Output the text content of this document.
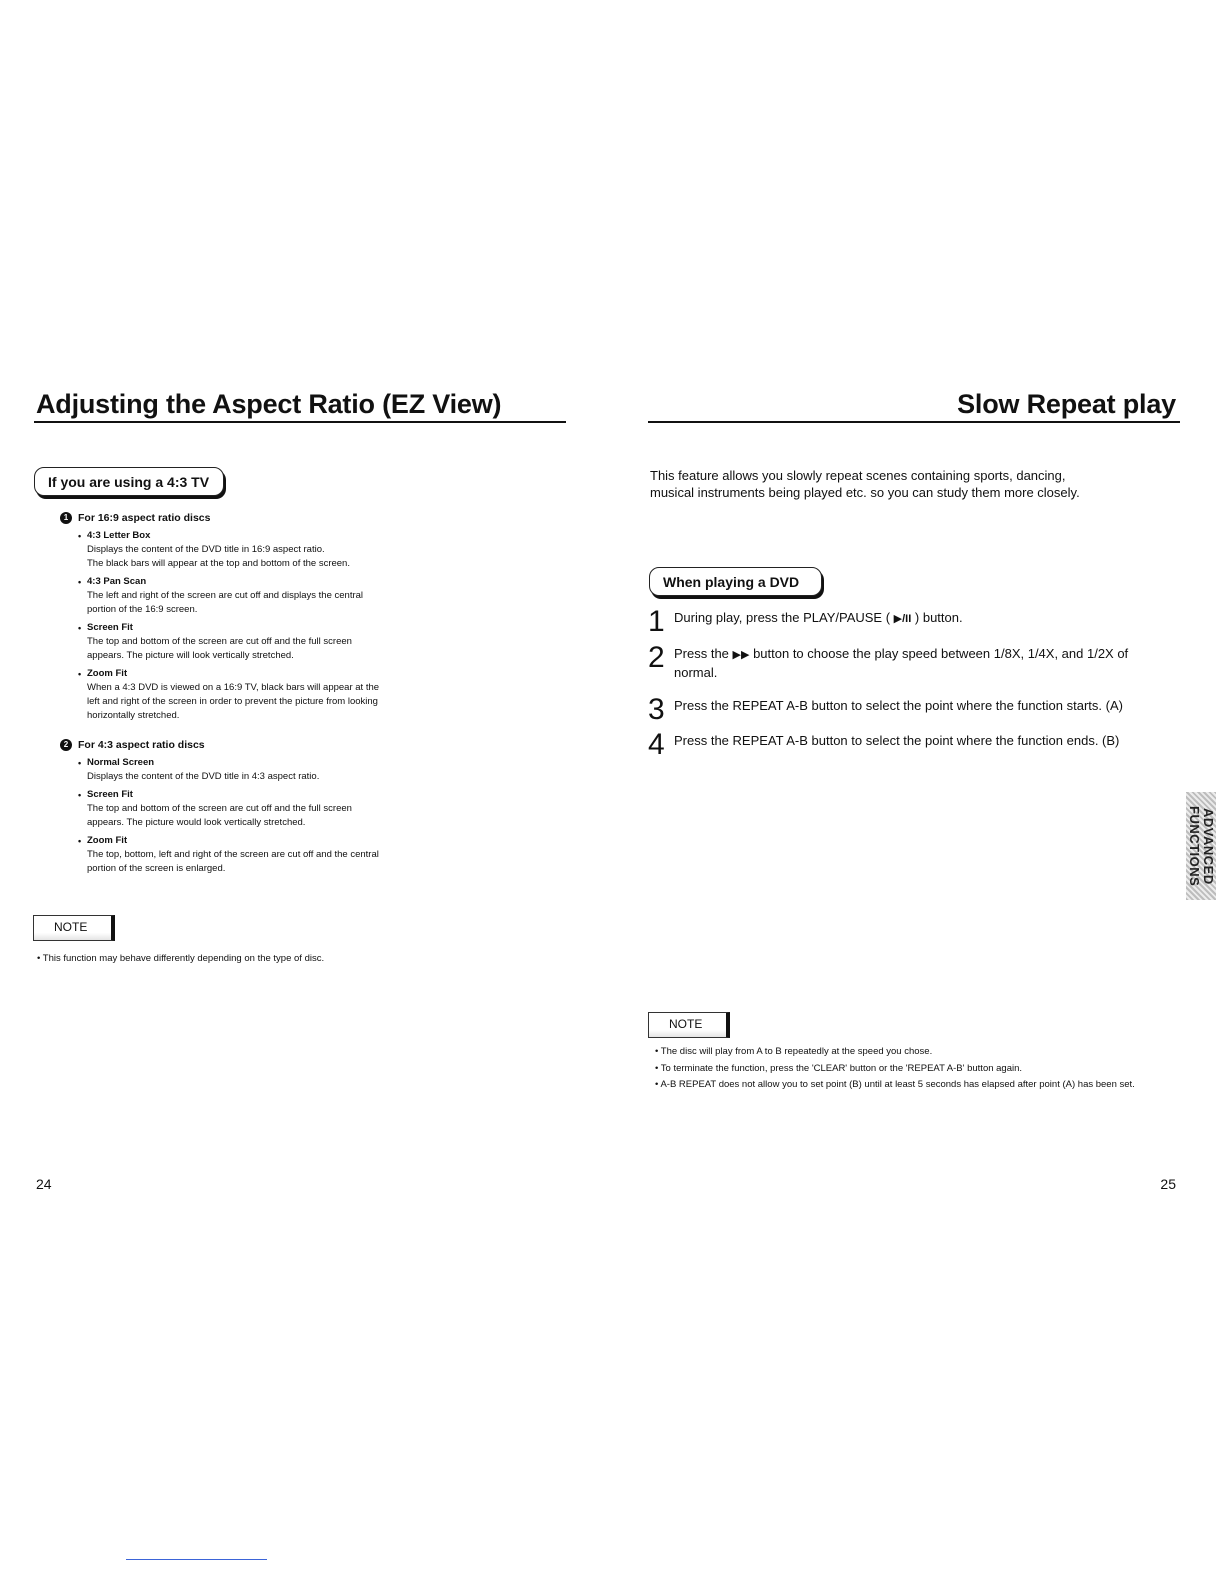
Adjusting the Aspect Ratio (EZ View)
If you are using a 4:3 TV
1 For 16:9 aspect ratio discs
• 4:3 Letter Box
Displays the content of the DVD title in 16:9 aspect ratio.
The black bars will appear at the top and bottom of the screen.
• 4:3 Pan Scan
The left and right of the screen are cut off and displays the central
portion of the 16:9 screen.
• Screen Fit
The top and bottom of the screen are cut off and the full screen
appears. The picture will look vertically stretched.
• Zoom Fit
When a 4:3 DVD is viewed on a 16:9 TV, black bars will appear at the
left and right of the screen in order to prevent the picture from looking
horizontally stretched.
2 For 4:3 aspect ratio discs
• Normal Screen
Displays the content of the DVD title in 4:3 aspect ratio.
• Screen Fit
The top and bottom of the screen are cut off and the full screen
appears. The picture would look vertically stretched.
• Zoom Fit
The top, bottom, left and right of the screen are cut off and the central
portion of the screen is enlarged.
NOTE
• This function may behave differently depending on the type of disc.
24
Slow Repeat play
This feature allows you slowly repeat scenes containing sports, dancing,
musical instruments being played etc. so you can study them more closely.
When playing a DVD
1 During play, press the PLAY/PAUSE ( ▶/II ) button.
2 Press the ▶▶ button to choose the play speed between 1/8X, 1/4X, and 1/2X of
normal.
3 Press the REPEAT A-B button to select the point where the function starts. (A)
4 Press the REPEAT A-B button to select the point where the function ends. (B)
ADVANCED
FUNCTIONS
NOTE
• The disc will play from A to B repeatedly at the speed you chose.
• To terminate the function, press the 'CLEAR' button or the 'REPEAT A-B' button again.
• A-B REPEAT does not allow you to set point (B) until at least 5 seconds has elapsed after point (A) has been set.
25
